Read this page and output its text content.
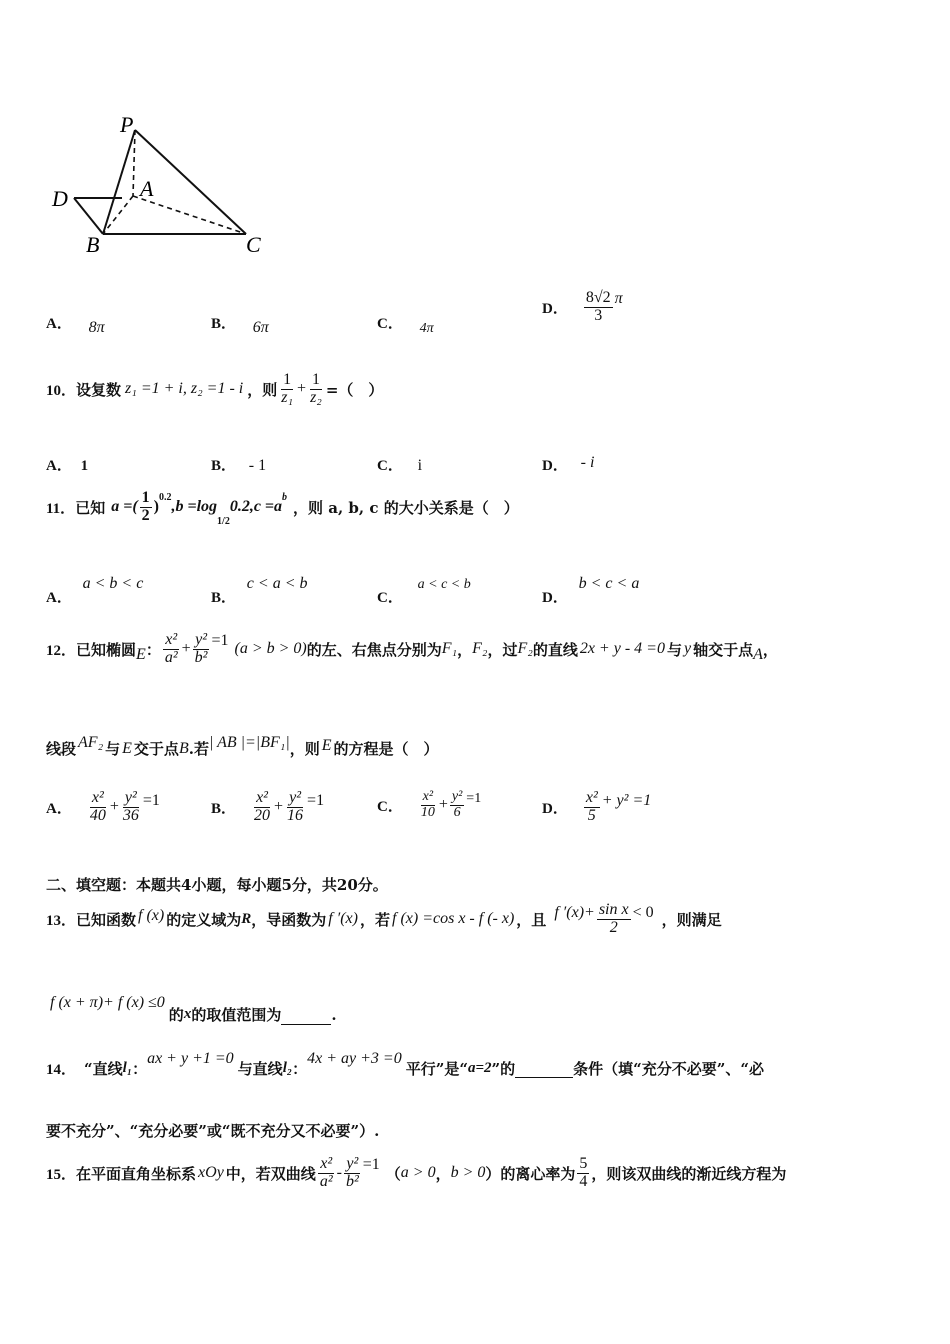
P
A
D
B	C
A． 8π	B． 6π	C． 4π
D． $\frac{8√2}{3}$ π
10． 设复数 z₁ =1 + i, z₂ =1 - i ，则 $\frac{1}{\text{z₁}} + \frac{1}{\text{z₂}}$ =（　）
A． 1	B． - 1	C． i	D． - i
11． 已知 a =( $\frac{1}{2}$ )
$^{0.2}$
,b =log
$_{1/2}$
0.2,c =a
$^b$
，则 a, b, c 的大小关系是（　）
A． a < b < c
B． c < a < b
C． a < c < b
D． b < c < a
12． 已知椭圆 E ： $\frac{\text{x²}}{\text{a²}} + \frac{\text{y²}}{\text{b²}} =1$ (a > b > 0) 的左、右焦点分别为 F₁ ， F₂ ，过 F₂ 的直线 2x + y - 4 =0 与 y 轴交于点 A ，
线段 AF₂ 与 E 交于点 B .若 | AB |=|BF₁| ，则 E 的方程是（　）
A． $\frac{\text{x²}}{40} + \frac{\text{y²}}{36} =1$	B． $\frac{\text{x²}}{20} + \frac{\text{y²}}{16} =1$	C． $\frac{\text{x²}}{10} + \frac{\text{y²}}{6} =1$
D． $\frac{\text{x²}}{5} + y^2 =1$
二、填空题：本题共4小题，每小题5分，共20分。
13． 已知函数 f (x) 的定义域为 R ，导函数为 f ′(x) ，若 f (x) =cos x - f (- x) ，且 f $'(x)+ \frac{\text{sin x}}{2} < 0$ ，则满足
f (x + π)+ f (x) ≤0
的 x 的取值范围为	.
14． “直线 l₁ ：
ax + y +1 =0
与直线 l₂ ：
4x + ay +3 =0
平行”是“ a=2 ”的	条件（填“充分不必要”、“必
要不充分”、“充分必要”或“既不充分又不必要”）.
15． 在平面直角坐标系 xOy 中，若双曲线 $\frac{\text{x²}}{\text{a²}} - \frac{\text{y²}}{\text{b²}} =1$ （ a > 0 ， b > 0 ）的离心率为 $\frac{5}{4}$ ，则该双曲线的渐近线方程为
